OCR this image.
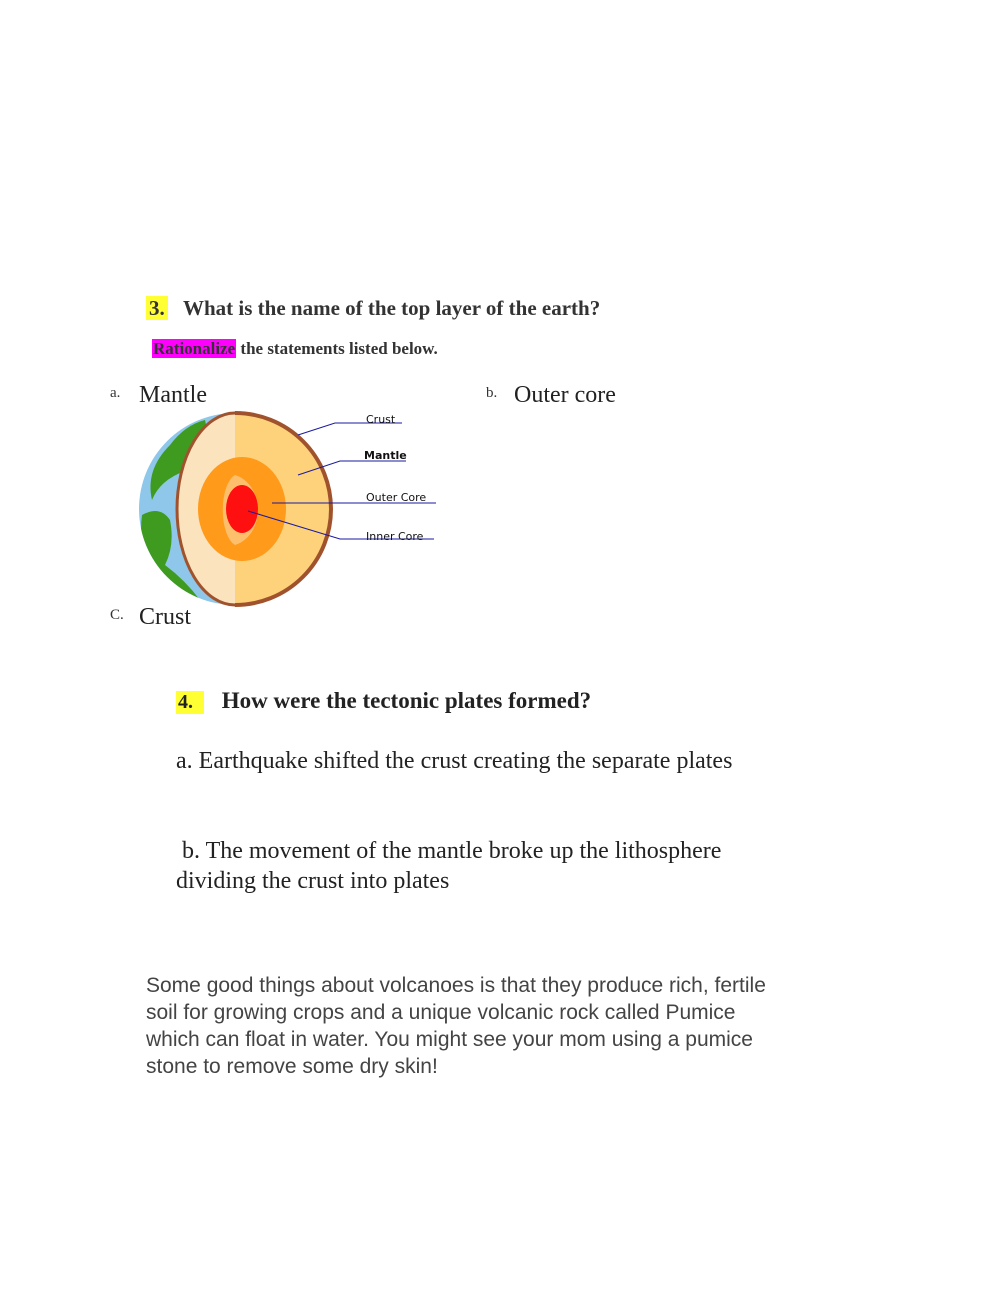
3. What is the name of the top layer of the earth?
Rationalize the statements listed below.
a. Mantle	b. Outer core
C. Crust
Crust
Mantle
Outer Core
Inner Core
4. How were the tectonic plates formed?
a. Earthquake shifted the crust creating the separate plates
b. The movement of the mantle broke up the lithosphere
dividing the crust into plates
Some good things about volcanoes is that they produce rich, fertile
soil for growing crops and a unique volcanic rock called Pumice
which can float in water. You might see your mom using a pumice
stone to remove some dry skin!
